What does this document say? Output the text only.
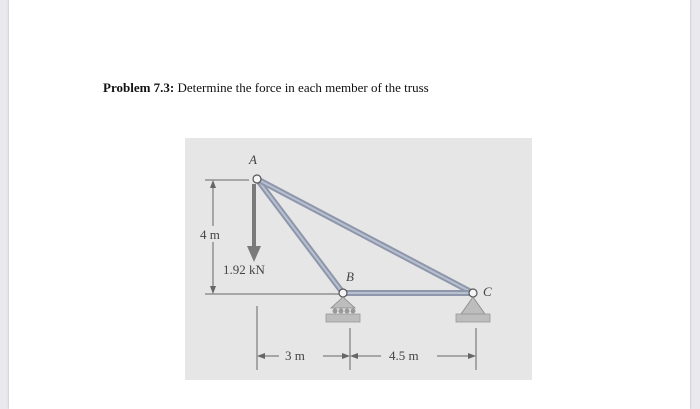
Problem 7.3: Determine the force in each member of the truss
A
B
C
4 m
1.92 kN
3 m	4.5 m
